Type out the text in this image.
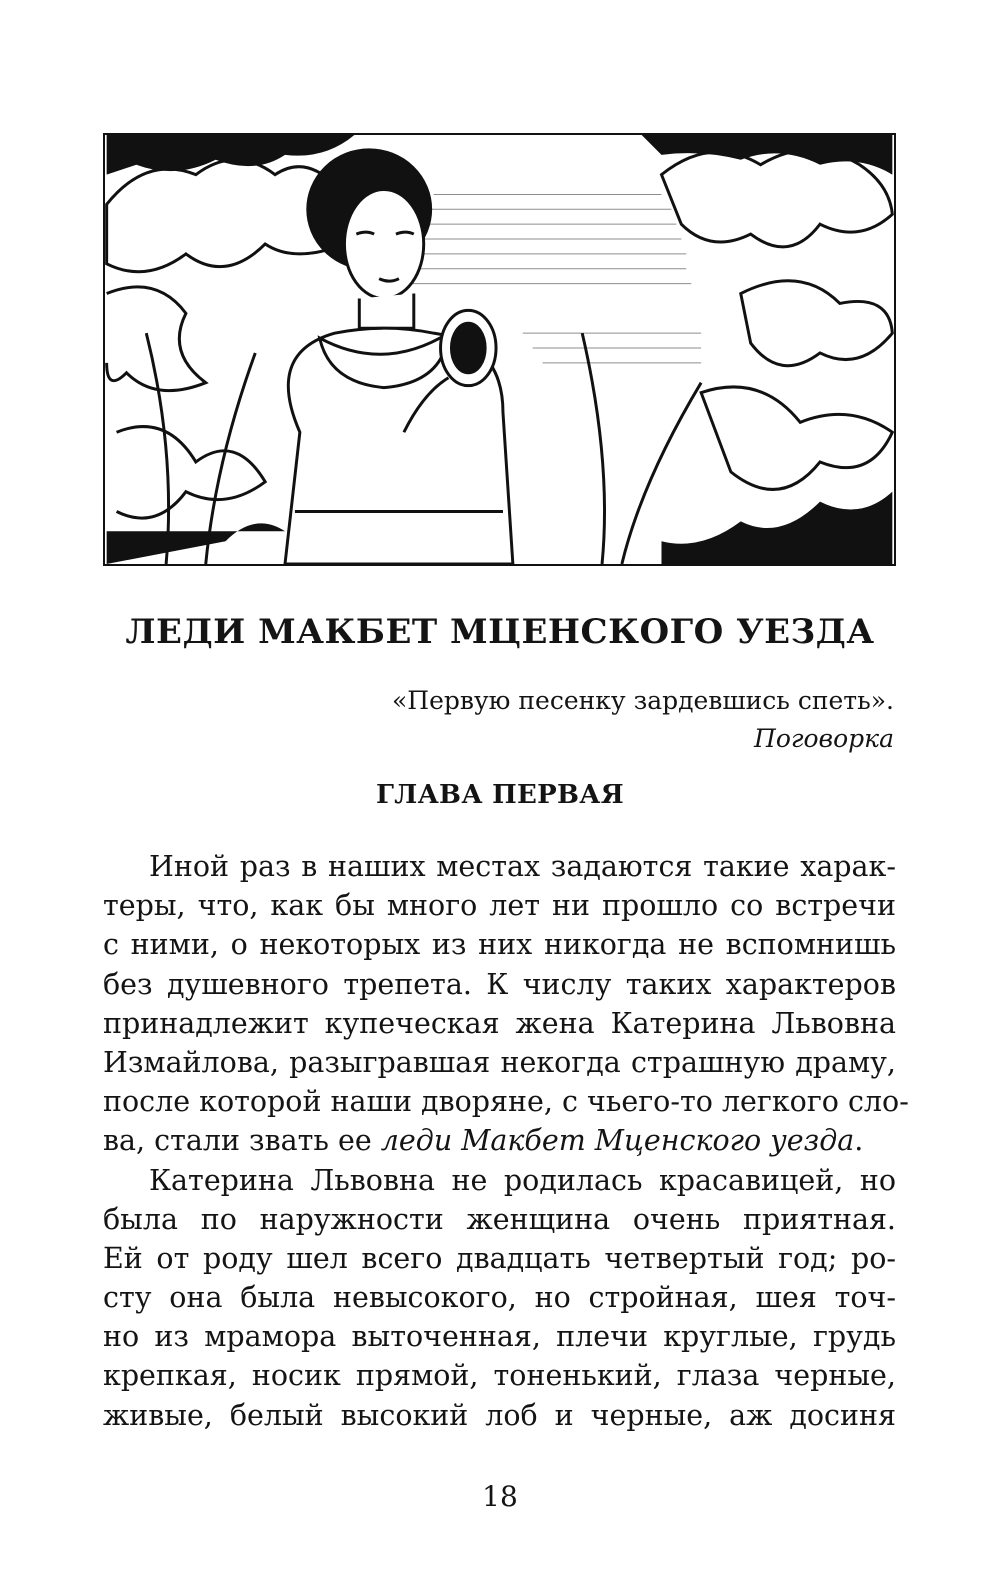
ЛЕДИ МАКБЕТ МЦЕНСКОГО УЕЗДА
«Первую песенку зардевшись спеть».
Поговорка
ГЛАВА ПЕРВАЯ
Иной раз в наших местах задаются такие харак-
теры, что, как бы много лет ни прошло со встречи
с ними, о некоторых из них никогда не вспомнишь
без душевного трепета. К числу таких характеров
принадлежит купеческая жена Катерина Львовна
Измайлова, разыгравшая некогда страшную драму,
после которой наши дворяне, с чьего-то легкого сло-
ва, стали звать ее леди Макбет Мценского уезда.
Катерина Львовна не родилась красавицей, но
была по наружности женщина очень приятная.
Ей от роду шел всего двадцать четвертый год; ро-
сту она была невысокого, но стройная, шея точ-
но из мрамора выточенная, плечи круглые, грудь
крепкая, носик прямой, тоненький, глаза черные,
живые, белый высокий лоб и черные, аж досиня
18
